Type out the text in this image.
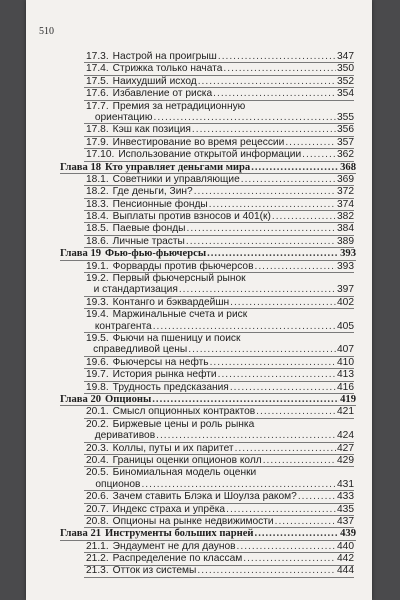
510
17.3. Настрой на проигрыш .....	347
17.4. Стрижка только начата .....	350
17.5. Наихудший исход .....	352
17.6. Избавление от риска .....	354
17.7. Премия за нетрадиционную
ориентацию .....	355
17.8. Кэш как позиция .....	356
17.9. Инвестирование во время рецессии .....	357
17.10. Использование открытой информации .....	362
Глава 18 Кто управляет деньгами мира .....	368
18.1. Советники и управляющие .....	369
18.2. Где деньги, Зин? .....	372
18.3. Пенсионные фонды .....	374
18.4. Выплаты против взносов и 401(к) .....	382
18.5. Паевые фонды .....	384
18.6. Личные трасты .....	389
Глава 19 Фью-фью-фьючерсы .....	393
19.1. Форварды против фьючерсов .....	393
19.2. Первый фьючерсный рынок
и стандартизация .....	397
19.3. Контанго и бэквардейшн .....	402
19.4. Маржинальные счета и риск
контрагента .....	405
19.5. Фьючи на пшеницу и поиск
справедливой цены .....	407
19.6. Фьючерсы на нефть .....	410
19.7. История рынка нефти .....	413
19.8. Трудность предсказания .....	416
Глава 20 Опционы .....	419
20.1. Смысл опционных контрактов .....	421
20.2. Биржевые цены и роль рынка
деривативов .....	424
20.3. Коллы, путы и их паритет .....	427
20.4. Границы оценки опционов колл .....	429
20.5. Биномиальная модель оценки
опционов .....	431
20.6. Зачем ставить Блэка и Шоулза раком? .....	433
20.7. Индекс страха и упрёка .....	435
20.8. Опционы на рынке недвижимости .....	437
Глава 21 Инструменты больших парней .....	439
21.1. Эндаумент не для даунов .....	440
21.2. Распределение по классам .....	442
21.3. Отток из системы .....	444
